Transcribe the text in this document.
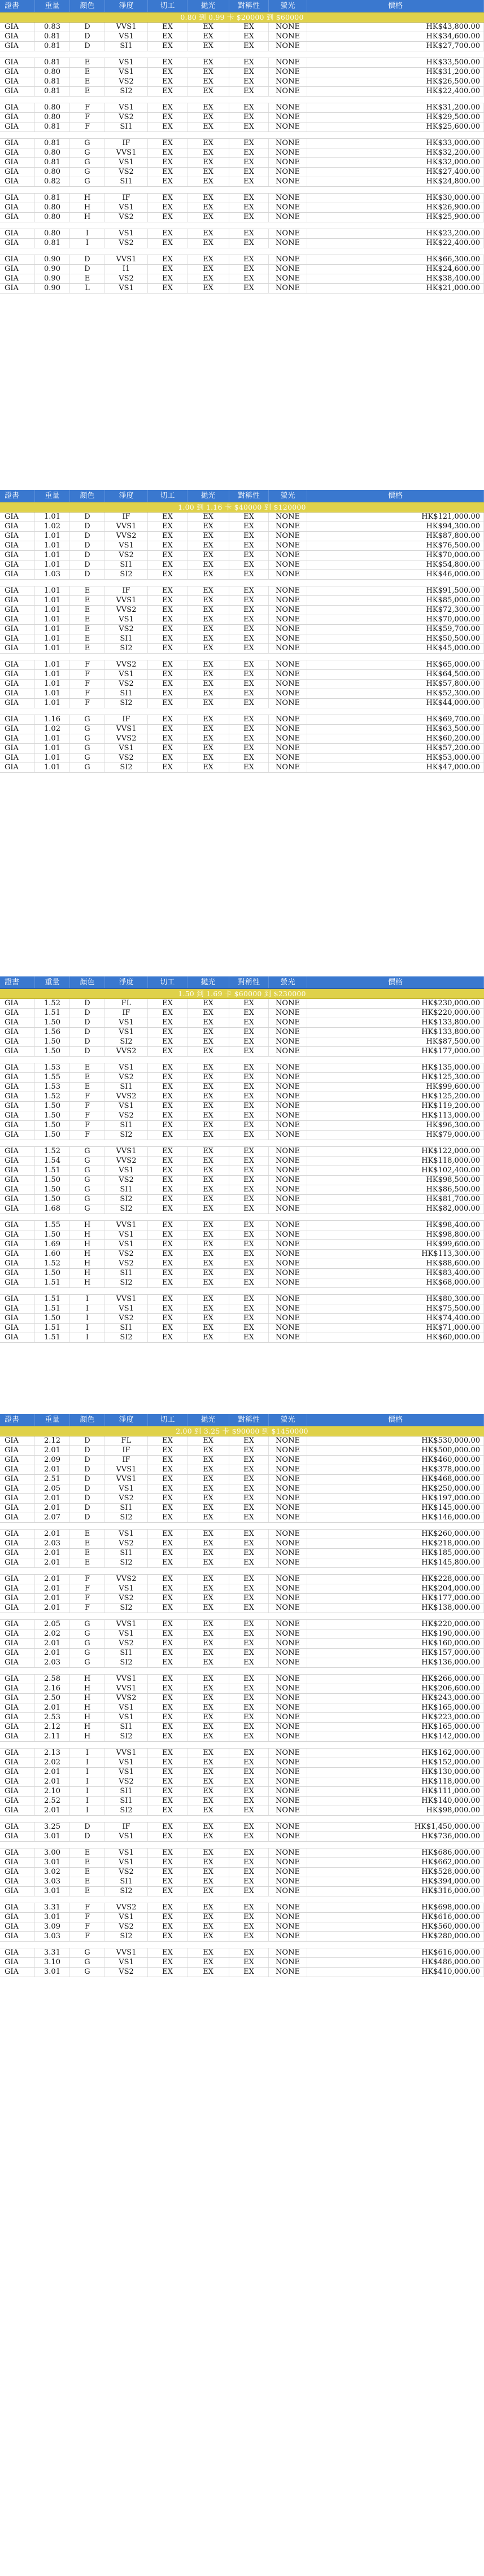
證書	重量	顏色	淨度	切工	拋光	對稱性	螢光	價格
0.80 到 0.99 卡 $20000 到 $60000
GIA	0.83	D	VVS1	EX	EX	EX	NONE	HK$43,800.00
GIA	0.81	D	VS1	EX	EX	EX	NONE	HK$34,600.00
GIA	0.81	D	SI1	EX	EX	EX	NONE	HK$27,700.00
GIA	0.81	E	VS1	EX	EX	EX	NONE	HK$33,500.00
GIA	0.80	E	VS1	EX	EX	EX	NONE	HK$31,200.00
GIA	0.81	E	VS2	EX	EX	EX	NONE	HK$26,500.00
GIA	0.81	E	SI2	EX	EX	EX	NONE	HK$22,400.00
GIA	0.80	F	VS1	EX	EX	EX	NONE	HK$31,200.00
GIA	0.80	F	VS2	EX	EX	EX	NONE	HK$29,500.00
GIA	0.81	F	SI1	EX	EX	EX	NONE	HK$25,600.00
GIA	0.81	G	IF	EX	EX	EX	NONE	HK$33,000.00
GIA	0.80	G	VVS1	EX	EX	EX	NONE	HK$32,200.00
GIA	0.81	G	VS1	EX	EX	EX	NONE	HK$32,000.00
GIA	0.80	G	VS2	EX	EX	EX	NONE	HK$27,400.00
GIA	0.82	G	SI1	EX	EX	EX	NONE	HK$24,800.00
GIA	0.81	H	IF	EX	EX	EX	NONE	HK$30,000.00
GIA	0.80	H	VS1	EX	EX	EX	NONE	HK$26,900.00
GIA	0.80	H	VS2	EX	EX	EX	NONE	HK$25,900.00
GIA	0.80	I	VS1	EX	EX	EX	NONE	HK$23,200.00
GIA	0.81	I	VS2	EX	EX	EX	NONE	HK$22,400.00
GIA	0.90	D	VVS1	EX	EX	EX	NONE	HK$66,300.00
GIA	0.90	D	I1	EX	EX	EX	NONE	HK$24,600.00
GIA	0.90	E	VS2	EX	EX	EX	NONE	HK$38,400.00
GIA	0.90	L	VS1	EX	EX	EX	NONE	HK$21,000.00
證書	重量	顏色	淨度	切工	拋光	對稱性	螢光	價格
1.00 到 1.16 卡 $40000 到 $120000
GIA	1.01	D	IF	EX	EX	EX	NONE	HK$121,000.00
GIA	1.02	D	VVS1	EX	EX	EX	NONE	HK$94,300.00
GIA	1.01	D	VVS2	EX	EX	EX	NONE	HK$87,800.00
GIA	1.01	D	VS1	EX	EX	EX	NONE	HK$76,500.00
GIA	1.01	D	VS2	EX	EX	EX	NONE	HK$70,000.00
GIA	1.01	D	SI1	EX	EX	EX	NONE	HK$54,800.00
GIA	1.03	D	SI2	EX	EX	EX	NONE	HK$46,000.00
GIA	1.01	E	IF	EX	EX	EX	NONE	HK$91,500.00
GIA	1.01	E	VVS1	EX	EX	EX	NONE	HK$85,000.00
GIA	1.01	E	VVS2	EX	EX	EX	NONE	HK$72,300.00
GIA	1.01	E	VS1	EX	EX	EX	NONE	HK$70,000.00
GIA	1.01	E	VS2	EX	EX	EX	NONE	HK$59,700.00
GIA	1.01	E	SI1	EX	EX	EX	NONE	HK$50,500.00
GIA	1.01	E	SI2	EX	EX	EX	NONE	HK$45,000.00
GIA	1.01	F	VVS2	EX	EX	EX	NONE	HK$65,000.00
GIA	1.01	F	VS1	EX	EX	EX	NONE	HK$64,500.00
GIA	1.01	F	VS2	EX	EX	EX	NONE	HK$57,800.00
GIA	1.01	F	SI1	EX	EX	EX	NONE	HK$52,300.00
GIA	1.01	F	SI2	EX	EX	EX	NONE	HK$44,000.00
GIA	1.16	G	IF	EX	EX	EX	NONE	HK$69,700.00
GIA	1.02	G	VVS1	EX	EX	EX	NONE	HK$63,500.00
GIA	1.01	G	VVS2	EX	EX	EX	NONE	HK$60,200.00
GIA	1.01	G	VS1	EX	EX	EX	NONE	HK$57,200.00
GIA	1.01	G	VS2	EX	EX	EX	NONE	HK$53,000.00
GIA	1.01	G	SI2	EX	EX	EX	NONE	HK$47,000.00
證書	重量	顏色	淨度	切工	拋光	對稱性	螢光	價格
1.50 到 1.69 卡 $60000 到 $230000
GIA	1.52	D	FL	EX	EX	EX	NONE	HK$230,000.00
GIA	1.51	D	IF	EX	EX	EX	NONE	HK$220,000.00
GIA	1.50	D	VS1	EX	EX	EX	NONE	HK$133,800.00
GIA	1.56	D	VS1	EX	EX	EX	NONE	HK$133,800.00
GIA	1.50	D	SI2	EX	EX	EX	NONE	HK$87,500.00
GIA	1.50	D	VVS2	EX	EX	EX	NONE	HK$177,000.00
GIA	1.53	E	VS1	EX	EX	EX	NONE	HK$135,000.00
GIA	1.55	E	VS2	EX	EX	EX	NONE	HK$125,300.00
GIA	1.53	E	SI1	EX	EX	EX	NONE	HK$99,600.00
GIA	1.52	F	VVS2	EX	EX	EX	NONE	HK$125,200.00
GIA	1.50	F	VS1	EX	EX	EX	NONE	HK$119,200.00
GIA	1.50	F	VS2	EX	EX	EX	NONE	HK$113,000.00
GIA	1.50	F	SI1	EX	EX	EX	NONE	HK$96,300.00
GIA	1.50	F	SI2	EX	EX	EX	NONE	HK$79,000.00
GIA	1.52	G	VVS1	EX	EX	EX	NONE	HK$122,000.00
GIA	1.54	G	VVS2	EX	EX	EX	NONE	HK$118,000.00
GIA	1.51	G	VS1	EX	EX	EX	NONE	HK$102,400.00
GIA	1.50	G	VS2	EX	EX	EX	NONE	HK$98,500.00
GIA	1.50	G	SI1	EX	EX	EX	NONE	HK$86,500.00
GIA	1.50	G	SI2	EX	EX	EX	NONE	HK$81,700.00
GIA	1.68	G	SI2	EX	EX	EX	NONE	HK$82,000.00
GIA	1.55	H	VVS1	EX	EX	EX	NONE	HK$98,400.00
GIA	1.50	H	VS1	EX	EX	EX	NONE	HK$98,800.00
GIA	1.69	H	VS1	EX	EX	EX	NONE	HK$99,600.00
GIA	1.60	H	VS2	EX	EX	EX	NONE	HK$113,300.00
GIA	1.52	H	VS2	EX	EX	EX	NONE	HK$88,600.00
GIA	1.50	H	SI1	EX	EX	EX	NONE	HK$83,400.00
GIA	1.51	H	SI2	EX	EX	EX	NONE	HK$68,000.00
GIA	1.51	I	VVS1	EX	EX	EX	NONE	HK$80,300.00
GIA	1.51	I	VS1	EX	EX	EX	NONE	HK$75,500.00
GIA	1.50	I	VS2	EX	EX	EX	NONE	HK$74,400.00
GIA	1.51	I	SI1	EX	EX	EX	NONE	HK$71,000.00
GIA	1.51	I	SI2	EX	EX	EX	NONE	HK$60,000.00
證書	重量	顏色	淨度	切工	拋光	對稱性	螢光	價格
2.00 到 3.25 卡 $90000 到 $1450000
GIA	2.12	D	FL	EX	EX	EX	NONE	HK$530,000.00
GIA	2.01	D	IF	EX	EX	EX	NONE	HK$500,000.00
GIA	2.09	D	IF	EX	EX	EX	NONE	HK$460,000.00
GIA	2.01	D	VVS1	EX	EX	EX	NONE	HK$378,000.00
GIA	2.51	D	VVS1	EX	EX	EX	NONE	HK$468,000.00
GIA	2.05	D	VS1	EX	EX	EX	NONE	HK$250,000.00
GIA	2.01	D	VS2	EX	EX	EX	NONE	HK$197,000.00
GIA	2.01	D	SI1	EX	EX	EX	NONE	HK$145,000.00
GIA	2.07	D	SI2	EX	EX	EX	NONE	HK$146,000.00
GIA	2.01	E	VS1	EX	EX	EX	NONE	HK$260,000.00
GIA	2.03	E	VS2	EX	EX	EX	NONE	HK$218,000.00
GIA	2.01	E	SI1	EX	EX	EX	NONE	HK$185,000.00
GIA	2.01	E	SI2	EX	EX	EX	NONE	HK$145,800.00
GIA	2.01	F	VVS2	EX	EX	EX	NONE	HK$228,000.00
GIA	2.01	F	VS1	EX	EX	EX	NONE	HK$204,000.00
GIA	2.01	F	VS2	EX	EX	EX	NONE	HK$177,000.00
GIA	2.01	F	SI2	EX	EX	EX	NONE	HK$138,000.00
GIA	2.05	G	VVS1	EX	EX	EX	NONE	HK$220,000.00
GIA	2.02	G	VS1	EX	EX	EX	NONE	HK$190,000.00
GIA	2.01	G	VS2	EX	EX	EX	NONE	HK$160,000.00
GIA	2.01	G	SI1	EX	EX	EX	NONE	HK$157,000.00
GIA	2.03	G	SI2	EX	EX	EX	NONE	HK$136,000.00
GIA	2.58	H	VVS1	EX	EX	EX	NONE	HK$266,000.00
GIA	2.16	H	VVS1	EX	EX	EX	NONE	HK$206,600.00
GIA	2.50	H	VVS2	EX	EX	EX	NONE	HK$243,000.00
GIA	2.01	H	VS1	EX	EX	EX	NONE	HK$165,000.00
GIA	2.53	H	VS1	EX	EX	EX	NONE	HK$223,000.00
GIA	2.12	H	SI1	EX	EX	EX	NONE	HK$165,000.00
GIA	2.11	H	SI2	EX	EX	EX	NONE	HK$142,000.00
GIA	2.13	I	VVS1	EX	EX	EX	NONE	HK$162,000.00
GIA	2.02	I	VS1	EX	EX	EX	NONE	HK$152,000.00
GIA	2.01	I	VS1	EX	EX	EX	NONE	HK$130,000.00
GIA	2.01	I	VS2	EX	EX	EX	NONE	HK$118,000.00
GIA	2.10	I	SI1	EX	EX	EX	NONE	HK$111,000.00
GIA	2.52	I	SI1	EX	EX	EX	NONE	HK$140,000.00
GIA	2.01	I	SI2	EX	EX	EX	NONE	HK$98,000.00
GIA	3.25	D	IF	EX	EX	EX	NONE	HK$1,450,000.00
GIA	3.01	D	VS1	EX	EX	EX	NONE	HK$736,000.00
GIA	3.00	E	VS1	EX	EX	EX	NONE	HK$686,000.00
GIA	3.01	E	VS1	EX	EX	EX	NONE	HK$662,000.00
GIA	3.02	E	VS2	EX	EX	EX	NONE	HK$528,000.00
GIA	3.03	E	SI1	EX	EX	EX	NONE	HK$394,000.00
GIA	3.01	E	SI2	EX	EX	EX	NONE	HK$316,000.00
GIA	3.31	F	VVS2	EX	EX	EX	NONE	HK$698,000.00
GIA	3.01	F	VS1	EX	EX	EX	NONE	HK$616,000.00
GIA	3.09	F	VS2	EX	EX	EX	NONE	HK$560,000.00
GIA	3.03	F	SI2	EX	EX	EX	NONE	HK$280,000.00
GIA	3.31	G	VVS1	EX	EX	EX	NONE	HK$616,000.00
GIA	3.10	G	VS1	EX	EX	EX	NONE	HK$486,000.00
GIA	3.01	G	VS2	EX	EX	EX	NONE	HK$410,000.00
